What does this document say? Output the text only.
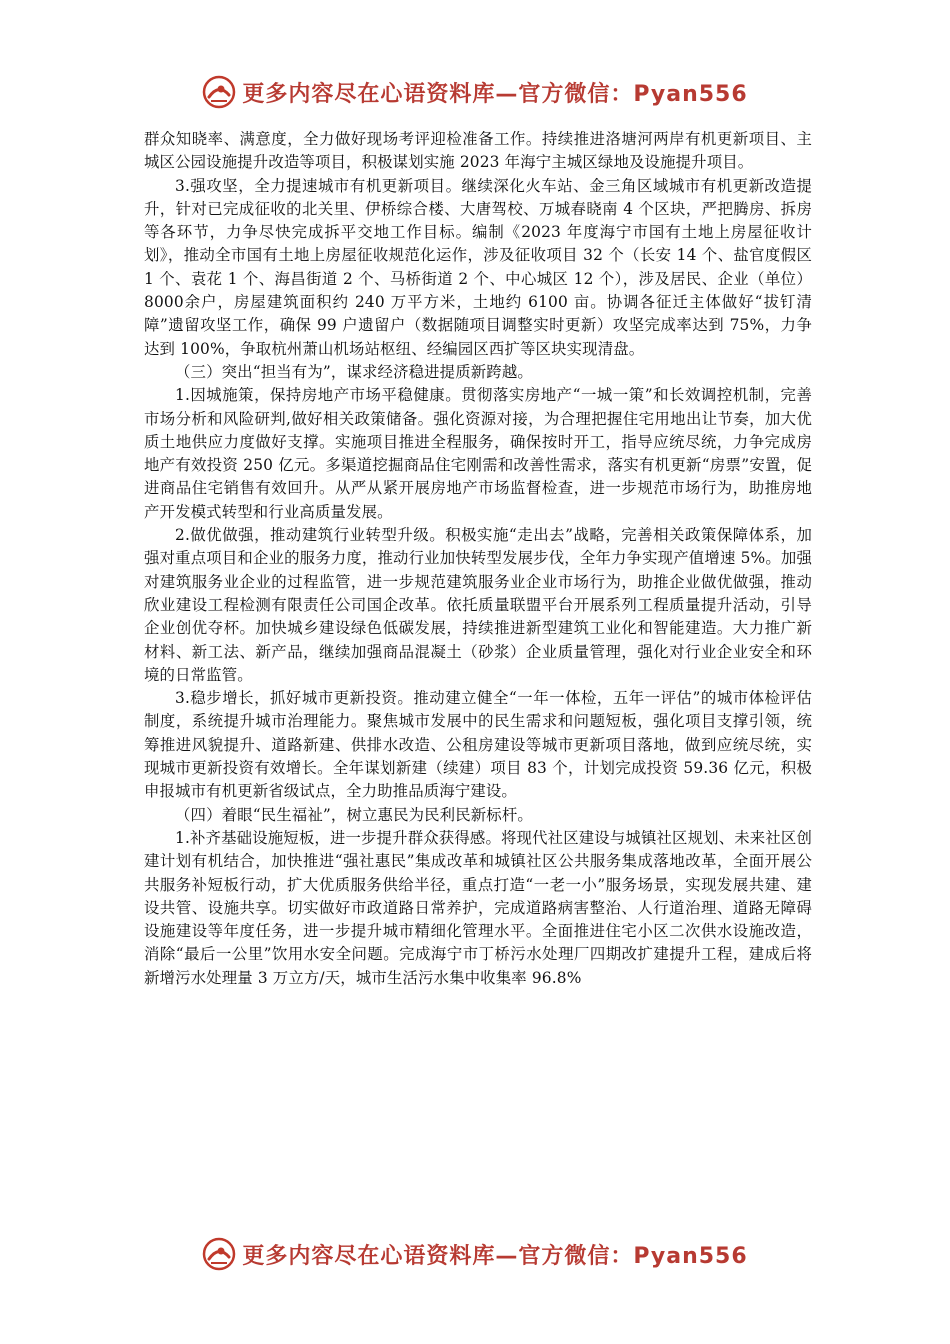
更多内容尽在心语资料库—官方微信：Pyan556

群众知晓率、满意度，全力做好现场考评迎检准备工作。持续推进洛塘河两岸有机更新项目、主城区公园设施提升改造等项目，积极谋划实施 2023 年海宁主城区绿地及设施提升项目。

3.强攻坚，全力提速城市有机更新项目。继续深化火车站、金三角区域城市有机更新改造提升，针对已完成征收的北关里、伊桥综合楼、大唐驾校、万城春晓南 4 个区块，严把腾房、拆房等各环节，力争尽快完成拆平交地工作目标。编制《2023 年度海宁市国有土地上房屋征收计划》，推动全市国有土地上房屋征收规范化运作，涉及征收项目 32 个（长安 14 个、盐官度假区 1 个、袁花 1 个、海昌街道 2 个、马桥街道 2 个、中心城区 12 个），涉及居民、企业（单位）8000余户，房屋建筑面积约 240 万平方米，土地约 6100 亩。协调各征迁主体做好“拔钉清障”遗留攻坚工作，确保 99 户遗留户（数据随项目调整实时更新）攻坚完成率达到 75%，力争达到 100%，争取杭州萧山机场站枢纽、经编园区西扩等区块实现清盘。

（三）突出“担当有为”，谋求经济稳进提质新跨越。

1.因城施策，保持房地产市场平稳健康。贯彻落实房地产“一城一策”和长效调控机制，完善市场分析和风险研判,做好相关政策储备。强化资源对接，为合理把握住宅用地出让节奏，加大优质土地供应力度做好支撑。实施项目推进全程服务，确保按时开工，指导应统尽统，力争完成房地产有效投资 250 亿元。多渠道挖掘商品住宅刚需和改善性需求，落实有机更新“房票”安置，促进商品住宅销售有效回升。从严从紧开展房地产市场监督检查，进一步规范市场行为，助推房地产开发模式转型和行业高质量发展。

2.做优做强，推动建筑行业转型升级。积极实施“走出去”战略，完善相关政策保障体系，加强对重点项目和企业的服务力度，推动行业加快转型发展步伐，全年力争实现产值增速 5%。加强对建筑服务业企业的过程监管，进一步规范建筑服务业企业市场行为，助推企业做优做强，推动欣业建设工程检测有限责任公司国企改革。依托质量联盟平台开展系列工程质量提升活动，引导企业创优夺杯。加快城乡建设绿色低碳发展，持续推进新型建筑工业化和智能建造。大力推广新材料、新工法、新产品，继续加强商品混凝土（砂浆）企业质量管理，强化对行业企业安全和环境的日常监管。

3.稳步增长，抓好城市更新投资。推动建立健全“一年一体检，五年一评估”的城市体检评估制度，系统提升城市治理能力。聚焦城市发展中的民生需求和问题短板，强化项目支撑引领，统筹推进风貌提升、道路新建、供排水改造、公租房建设等城市更新项目落地，做到应统尽统，实现城市更新投资有效增长。全年谋划新建（续建）项目 83 个，计划完成投资 59.36 亿元，积极申报城市有机更新省级试点，全力助推品质海宁建设。

（四）着眼“民生福祉”，树立惠民为民利民新标杆。

1.补齐基础设施短板，进一步提升群众获得感。将现代社区建设与城镇社区规划、未来社区创建计划有机结合，加快推进“强社惠民”集成改革和城镇社区公共服务集成落地改革，全面开展公共服务补短板行动，扩大优质服务供给半径，重点打造“一老一小”服务场景，实现发展共建、建设共管、设施共享。切实做好市政道路日常养护，完成道路病害整治、人行道治理、道路无障碍设施建设等年度任务，进一步提升城市精细化管理水平。全面推进住宅小区二次供水设施改造， 消除“最后一公里”饮用水安全问题。完成海宁市丁桥污水处理厂四期改扩建提升工程，建成后将新增污水处理量 3 万立方/天，城市生活污水集中收集率 96.8%

更多内容尽在心语资料库—官方微信：Pyan556
